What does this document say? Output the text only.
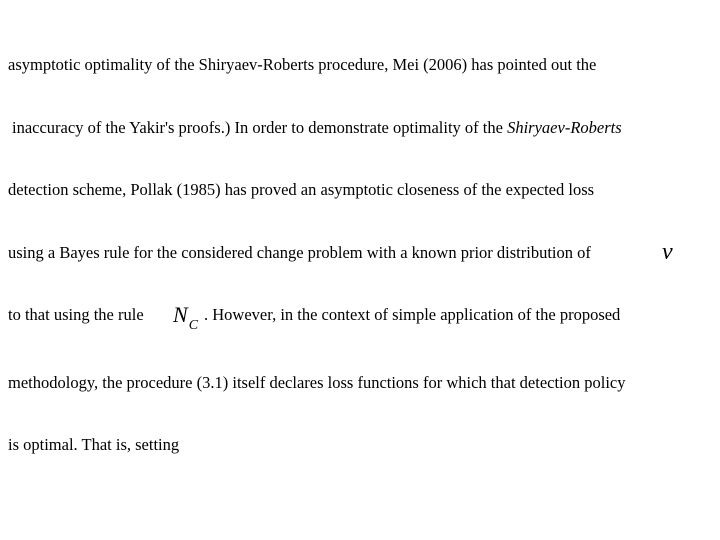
asymptotic optimality of the Shiryaev-Roberts procedure, Mei (2006) has pointed out the
inaccuracy of the Yakir's proofs.) In order to demonstrate optimality of the Shiryaev-Roberts
detection scheme, Pollak (1985) has proved an asymptotic closeness of the expected loss
using a Bayes rule for the considered change problem with a known prior distribution of	ν
to that using the rule $N_C$
. However, in the context of simple application of the proposed
methodology, the procedure (3.1) itself declares loss functions for which that detection policy
is optimal. That is, setting
